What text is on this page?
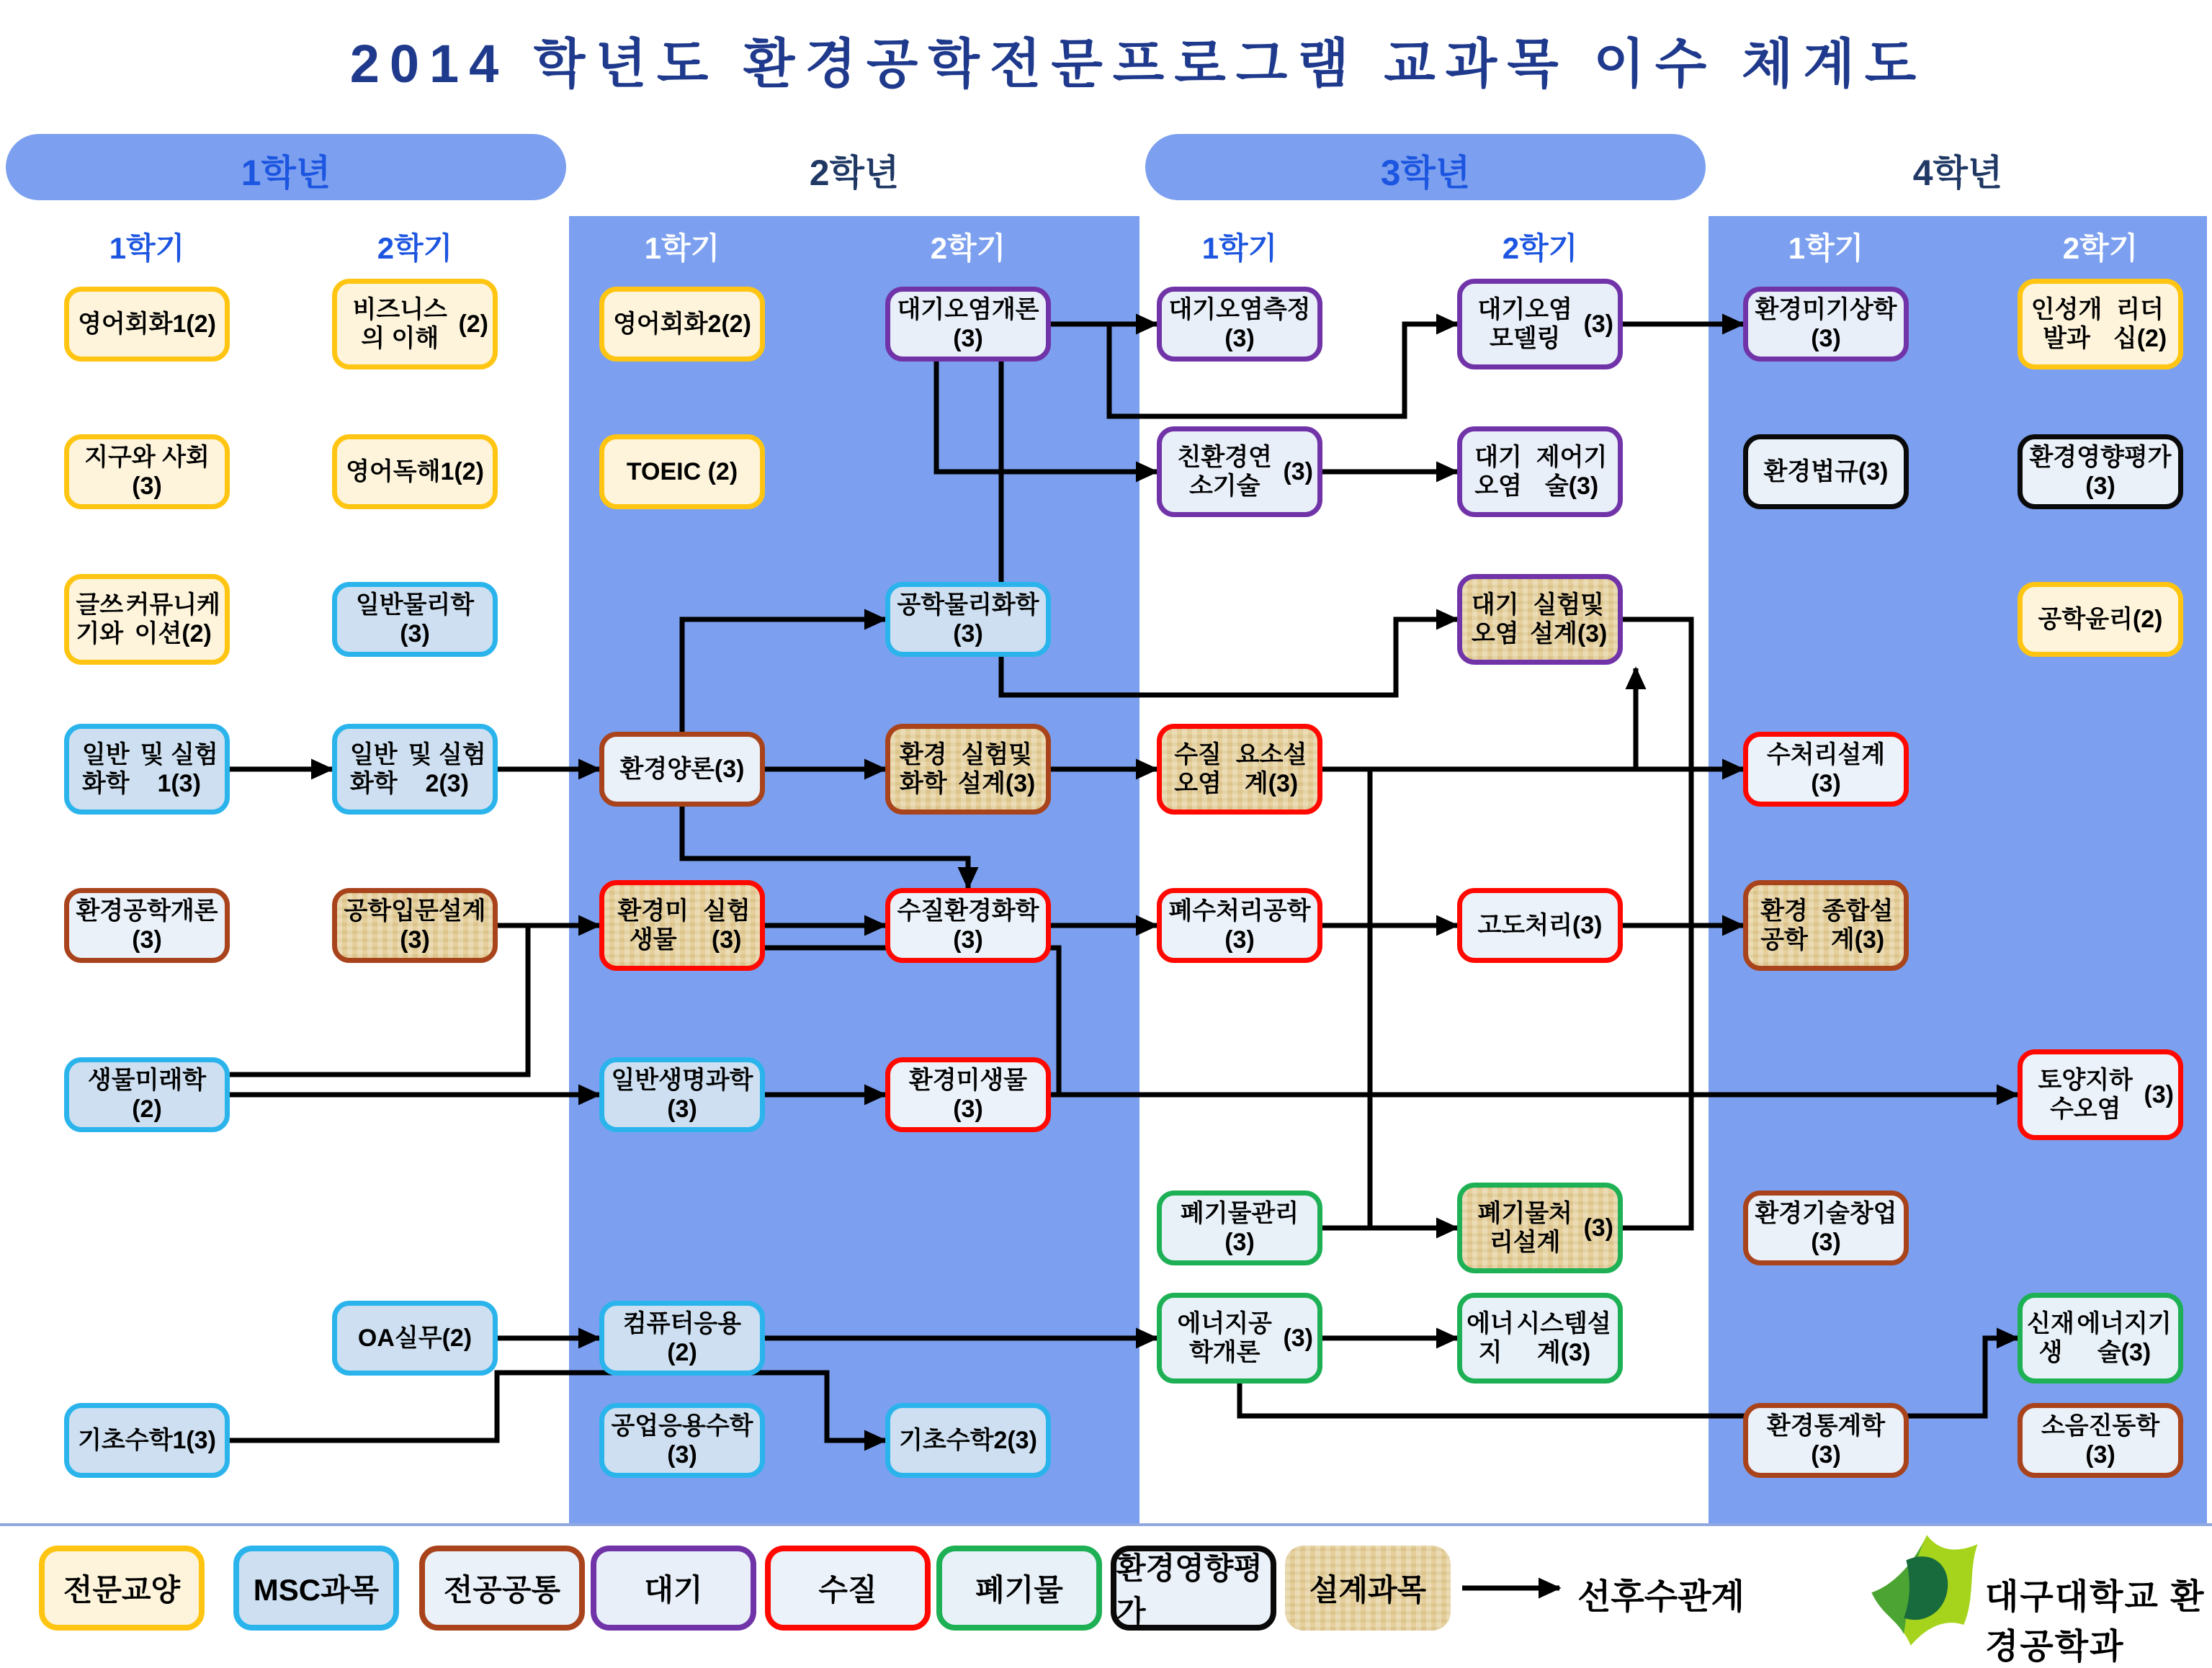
2014 학년도 환경공학전문프로그램 교과목 이수 체계도
대구대학교 환경공학과
1학년
1학기	2학기
2학년
1학기	2학기
3학년
1학기	2학기
4학년
1학기	2학기
영어회화1(2)
지구와 사회(3)
글쓰기와

커뮤니케이션(2)
일반화학

및 실험1(3)
환경공학개론(3)
생물미래학(2)
기초수학1(3)
비즈니스의 이해

(2)
영어독해1(2)
일반물리학(3)
일반화학

및 실험2(3)
공학입문설계(3)
OA실무(2)
영어회화2(2)
TOEIC (2)
환경양론(3)
환경미생물

실험(3)
일반생명과학(3)
컴퓨터응용(2)
공업응용수학(3)
대기오염개론(3)
공학물리화학(3)
환경화학

실험및설계(3)
수질환경화학(3)
환경미생물(3)
기초수학2(3)
대기오염측정(3)
친환경연소기술

(3)
수질오염

요소설계(3)
폐수처리공학(3)
폐기물관리(3)
에너지공학개론

(3)
대기오염모델링

(3)
대기오염

제어기술(3)
대기오염

실험및설계(3)
고도처리(3)
폐기물처리설계

(3)
에너지

시스템설계(3)
환경미기상학(3)
환경법규(3)
수처리설계(3)
환경공학

종합설계(3)
환경기술창업(3)
환경통계학(3)
인성개발과

리더십(2)
환경영향평가(3)
공학윤리(2)
토양지하수오염

(3)
신재생

에너지기술(3)
소음진동학(3)
전문교양	MSC과목	전공공통	대기	수질	폐기물
환경영향평가
설계과목	선후수관계
